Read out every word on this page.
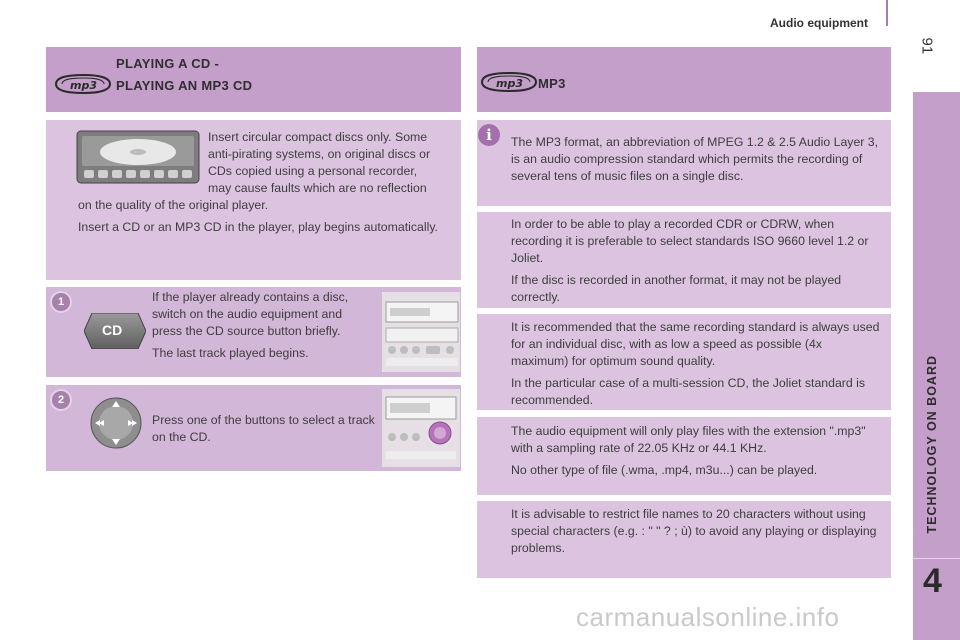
Audio equipment
91
TECHNOLOGY ON BOARD
4
PLAYING A CD -
mp3 PLAYING AN MP3 CD
Insert circular compact discs only. Some
anti-pirating systems, on original discs or
CDs copied using a personal recorder,
may cause faults which are no reflection

on the quality of the original player.

Insert a CD or an MP3 CD in the player, play begins automatically.

1
CD

If the player already contains a disc, switch on the audio equipment and press the CD source button briefly.

The last track played begins.

2

Press one of the buttons to select a track on the CD.

mp3 MP3
i	The MP3 format, an abbreviation of MPEG 1.2 & 2.5 Audio Layer 3, is an audio compression standard which permits the recording of several tens of music files on a single disc.

In order to be able to play a recorded CDR or CDRW, when recording it is preferable to select standards ISO 9660 level 1.2 or Joliet.

If the disc is recorded in another format, it may not be played correctly.

It is recommended that the same recording standard is always used for an individual disc, with as low a speed as possible (4x maximum) for optimum sound quality.

In the particular case of a multi-session CD, the Joliet standard is recommended.

The audio equipment will only play files with the extension ".mp3" with a sampling rate of 22.05 KHz or 44.1 KHz.

No other type of file (.wma, .mp4, m3u...) can be played.

It is advisable to restrict file names to 20 characters without using special characters (e.g. : " " ? ; ù) to avoid any playing or displaying problems.

carmanualsonline.info
